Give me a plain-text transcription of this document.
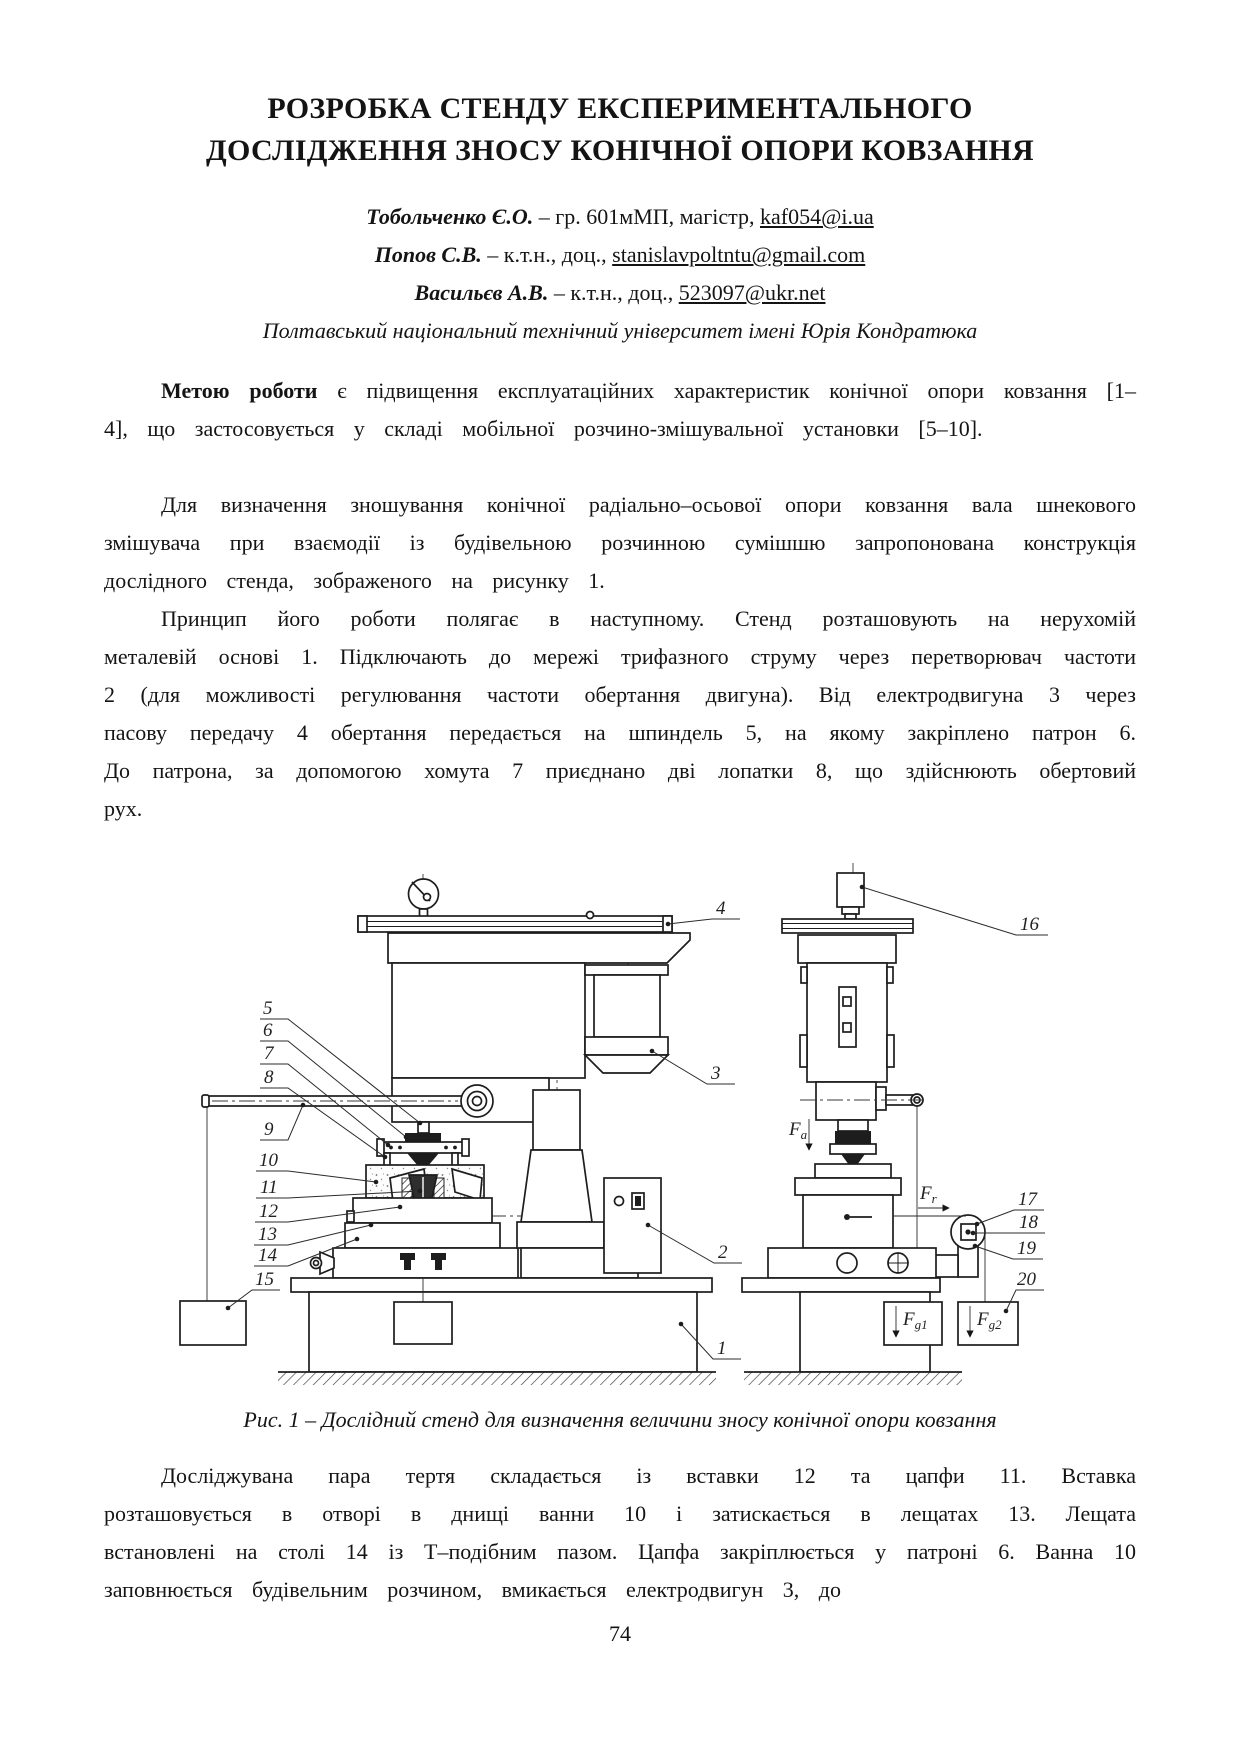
РОЗРОБКА СТЕНДУ ЕКСПЕРИМЕНТАЛЬНОГО
ДОСЛІДЖЕННЯ ЗНОСУ КОНІЧНОЇ ОПОРИ КОВЗАННЯ
Тобольченко Є.О. – гр. 601мМП, магістр, kaf054@i.ua
Попов С.В. – к.т.н., доц., stanislavpoltntu@gmail.com
Васильєв А.В. – к.т.н., доц., 523097@ukr.net
Полтавський національний технічний університет імені Юрія Кондратюка

Метою роботи є підвищення експлуатаційних характеристик конічної опори ковзання [1–4], що застосовується у складі мобільної розчино-змішувальної установки [5–10].

Для визначення зношування конічної радіально–осьової опори ковзання вала шнекового змішувача при взаємодії із будівельною розчинною сумішшю запропонована конструкція дослідного стенда, зображеного на рисунку 1.

Принцип його роботи полягає в наступному. Стенд розташовують на нерухомій металевій основі 1. Підключають до мережі трифазного струму через перетворювач частоти 2 (для можливості регулювання частоти обертання двигуна). Від електродвигуна 3 через пасову передачу 4 обертання передається на шпиндель 5, на якому закріплено патрон 6. До патрона, за допомогою хомута 7 приєднано дві лопатки 8, що здійснюють обертовий рух.

$F_a$
$F_r$
$F_{g1}$	$F_{g2}$
5
6
7
8
9
10
11
12
13
14
15
4
3
2
1
16
17
18
19
20
Рис. 1 – Дослідний стенд для визначення величини зносу конічної опори ковзання

Досліджувана пара тертя складається із вставки 12 та цапфи 11. Вставка розташовується в отворі в днищі ванни 10 і затискається в лещатах 13. Лещата встановлені на столі 14 із Т–подібним пазом. Цапфа закріплюється у патроні 6. Ванна 10 заповнюється будівельним розчином, вмикається електродвигун 3, до

74
